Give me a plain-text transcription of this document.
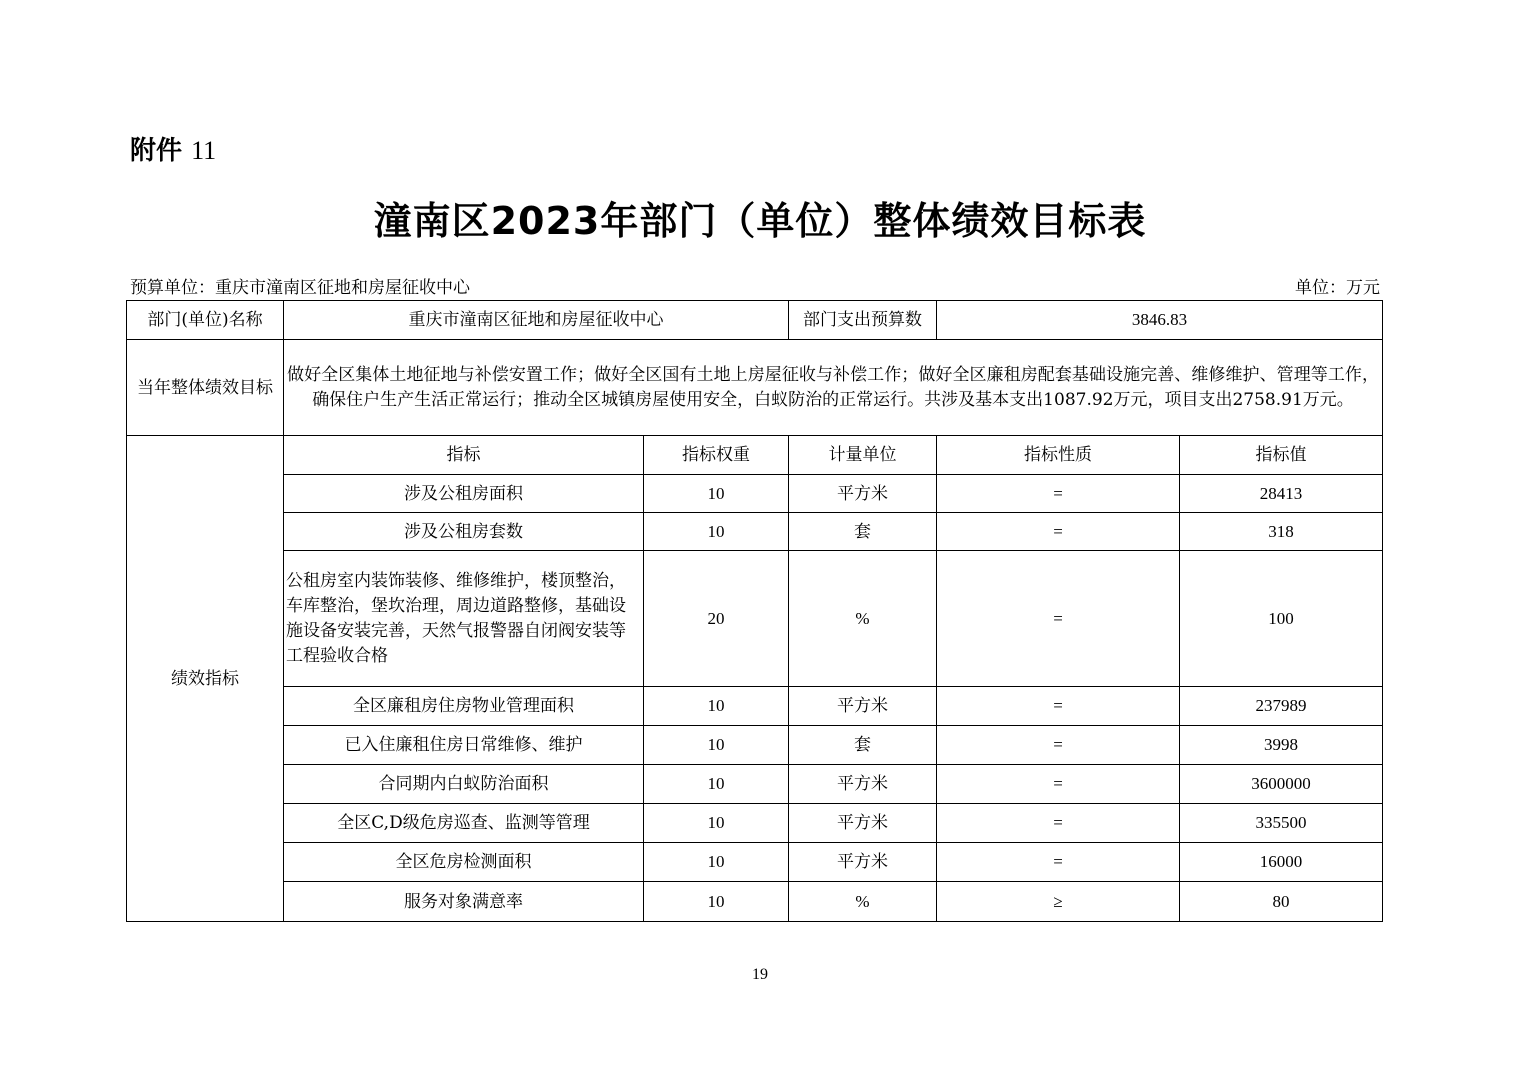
附件 11
潼南区2023年部门（单位）整体绩效目标表
预算单位：重庆市潼南区征地和房屋征收中心	单位：万元
部门(单位)名称	重庆市潼南区征地和房屋征收中心		部门支出预算数	3846.83	
当年整体绩效目标	做好全区集体土地征地与补偿安置工作；做好全区国有土地上房屋征收与补偿工作；做好全区廉租房配套基础设施完善、维修维护、管理等工作，确保住户生产生活正常运行；推动全区城镇房屋使用安全，白蚁防治的正常运行。共涉及基本支出1087.92万元，项目支出2758.91万元。				
绩效指标	指标	指标权重	计量单位	指标性质	指标值
	涉及公租房面积	10	平方米	=	28413
	涉及公租房套数	10	套	=	318
	公租房室内装饰装修、维修维护，楼顶整治，车库整治，堡坎治理，周边道路整修，基础设施设备安装完善，天然气报警器自闭阀安装等工程验收合格	20	%	=	100
	全区廉租房住房物业管理面积	10	平方米	=	237989
	已入住廉租住房日常维修、维护	10	套	=	3998
	合同期内白蚁防治面积	10	平方米	=	3600000
	全区C,D级危房巡查、监测等管理	10	平方米	=	335500
	全区危房检测面积	10	平方米	=	16000
	服务对象满意率	10	%	≥	80
19
